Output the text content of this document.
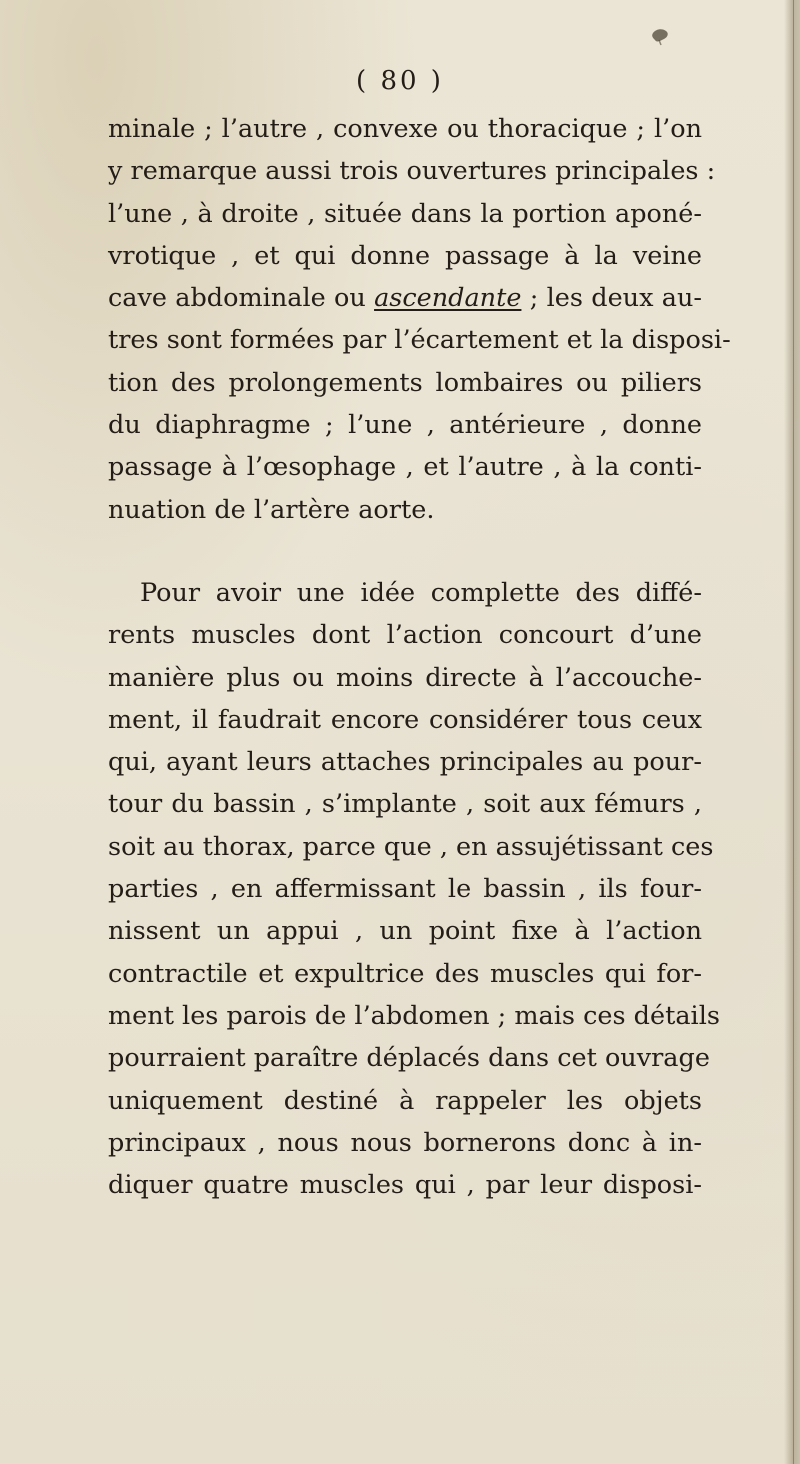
( 80 )
minale ; l’autre , convexe ou thoracique ; l’on
y remarque aussi trois ouvertures principales :
l’une , à droite , située dans la portion aponé-
vrotique , et qui donne passage à la veine
cave abdominale ou ascendante ; les deux au-
tres sont formées par l’écartement et la disposi-
tion des prolongements lombaires ou piliers
du diaphragme ; l’une , antérieure , donne
passage à l’œsophage , et l’autre , à la conti-
nuation de l’artère aorte.
Pour avoir une idée complette des diffé-
rents muscles dont l’action concourt d’une
manière plus ou moins directe à l’accouche-
ment, il faudrait encore considérer tous ceux
qui, ayant leurs attaches principales au pour-
tour du bassin , s’implante , soit aux fémurs ,
soit au thorax, parce que , en assujétissant ces
parties , en affermissant le bassin , ils four-
nissent un appui , un point fixe à l’action
contractile et expultrice des muscles qui for-
ment les parois de l’abdomen ; mais ces détails
pourraient paraître déplacés dans cet ouvrage
uniquement destiné à rappeler les objets
principaux , nous nous bornerons donc à in-
diquer quatre muscles qui , par leur disposi-
